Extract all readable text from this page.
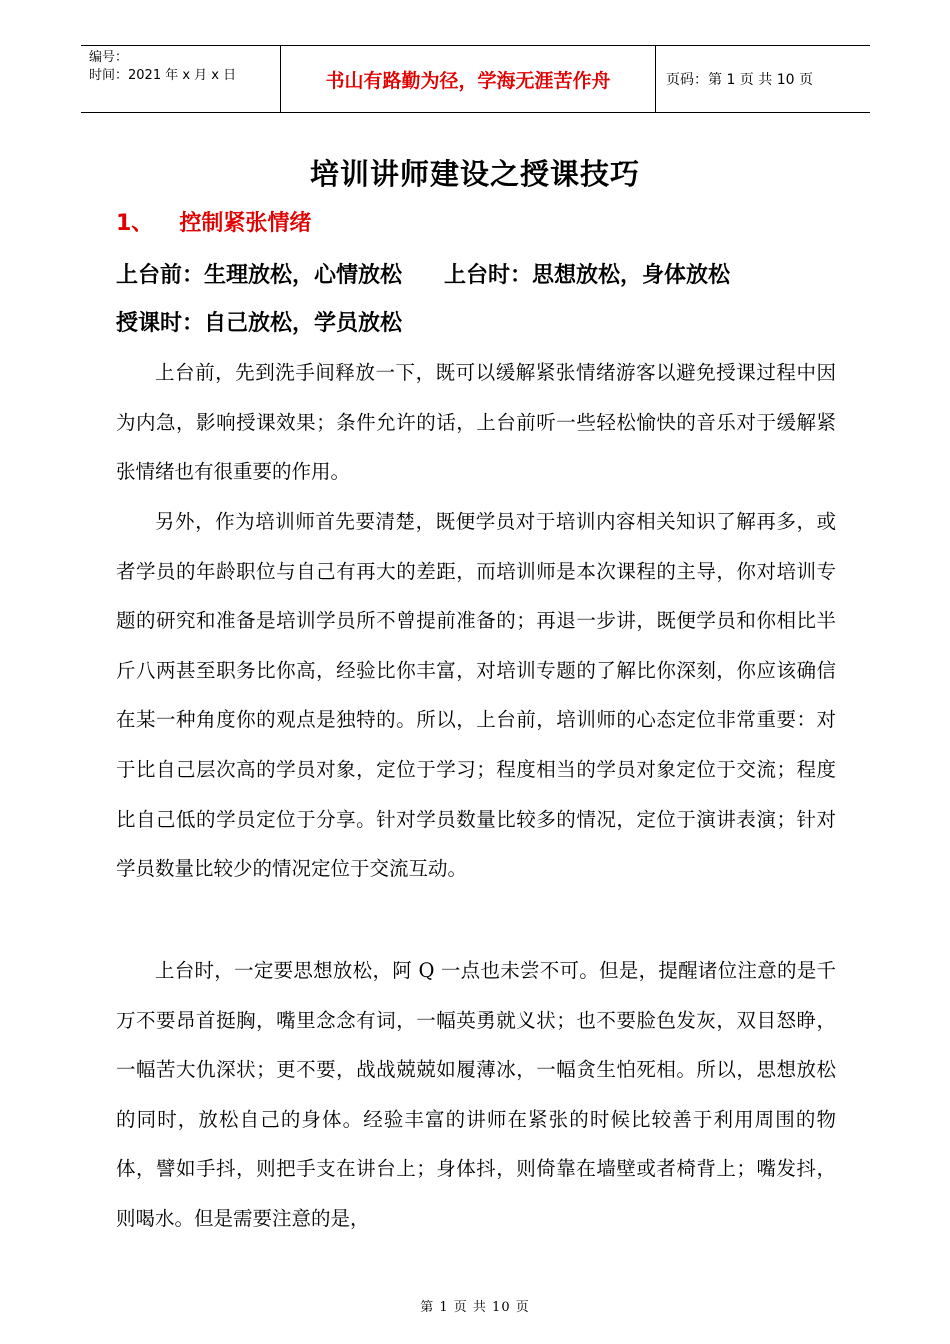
编号：
时间：2021 年 x 月 x 日	书山有路勤为径，学海无涯苦作舟	页码：第 1 页 共 10 页
培训讲师建设之授课技巧
1、 控制紧张情绪
上台前：生理放松，心情放松 上台时：思想放松，身体放松
授课时：自己放松，学员放松

上台前，先到洗手间释放一下，既可以缓解紧张情绪游客以避免授课过程中因为内急，影响授课效果；条件允许的话，上台前听一些轻松愉快的音乐对于缓解紧张情绪也有很重要的作用。

另外，作为培训师首先要清楚，既便学员对于培训内容相关知识了解再多，或者学员的年龄职位与自己有再大的差距，而培训师是本次课程的主导，你对培训专题的研究和准备是培训学员所不曾提前准备的；再退一步讲，既便学员和你相比半斤八两甚至职务比你高，经验比你丰富，对培训专题的了解比你深刻，你应该确信在某一种角度你的观点是独特的。所以，上台前，培训师的心态定位非常重要：对于比自己层次高的学员对象，定位于学习；程度相当的学员对象定位于交流；程度比自己低的学员定位于分享。针对学员数量比较多的情况，定位于演讲表演；针对学员数量比较少的情况定位于交流互动。

上台时，一定要思想放松，阿 Q 一点也未尝不可。但是，提醒诸位注意的是千万不要昂首挺胸，嘴里念念有词，一幅英勇就义状；也不要脸色发灰，双目怒睁，一幅苦大仇深状；更不要，战战兢兢如履薄冰，一幅贪生怕死相。所以，思想放松的同时，放松自己的身体。经验丰富的讲师在紧张的时候比较善于利用周围的物体，譬如手抖，则把手支在讲台上；身体抖，则倚靠在墙壁或者椅背上；嘴发抖，则喝水。但是需要注意的是，

第 1 页 共 10 页
